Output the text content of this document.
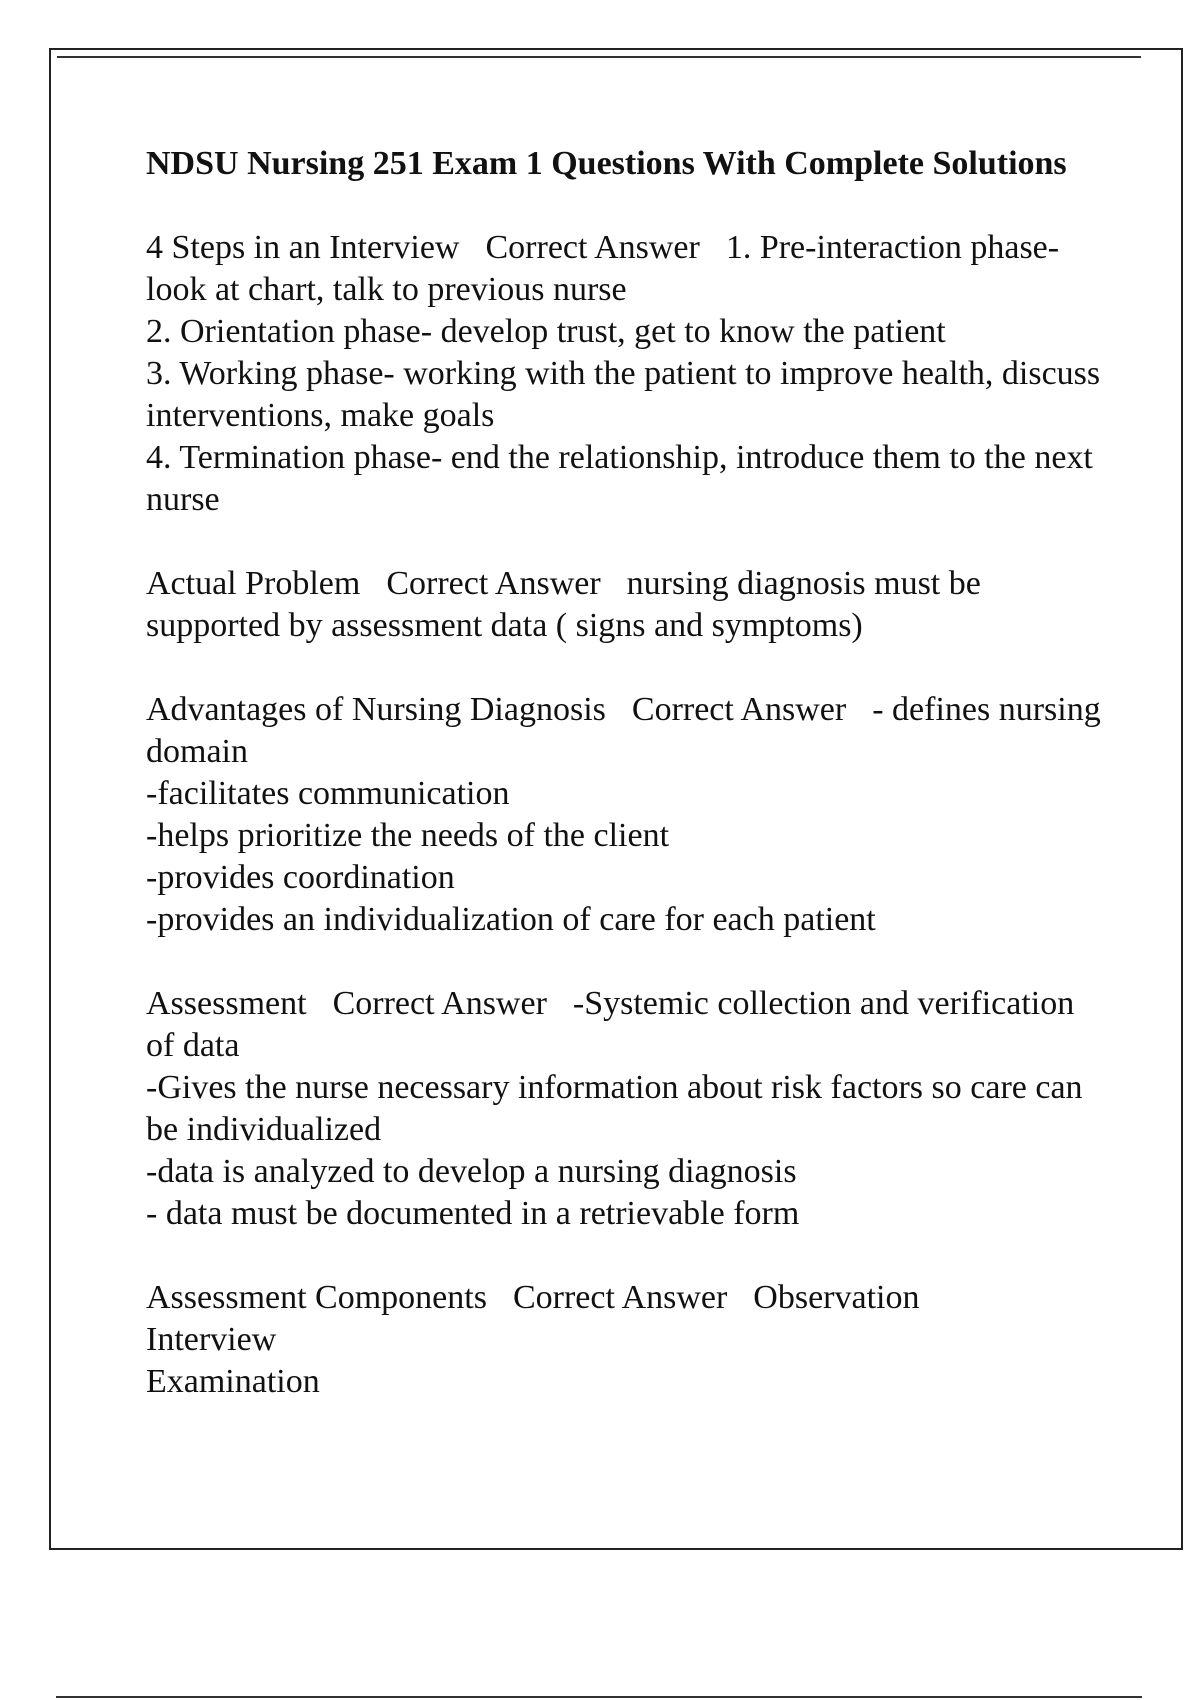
NDSU Nursing 251 Exam 1 Questions With Complete Solutions
4 Steps in an Interview Correct Answer 1. Pre-interaction phase- look at chart, talk to previous nurse
2. Orientation phase- develop trust, get to know the patient
3. Working phase- working with the patient to improve health, discuss interventions, make goals
4. Termination phase- end the relationship, introduce them to the next nurse
Actual Problem Correct Answer nursing diagnosis must be supported by assessment data ( signs and symptoms)
Advantages of Nursing Diagnosis Correct Answer - defines nursing domain
-facilitates communication
-helps prioritize the needs of the client
-provides coordination
-provides an individualization of care for each patient
Assessment Correct Answer -Systemic collection and verification of data
-Gives the nurse necessary information about risk factors so care can be individualized
-data is analyzed to develop a nursing diagnosis
- data must be documented in a retrievable form
Assessment Components Correct Answer Observation
Interview
Examination
